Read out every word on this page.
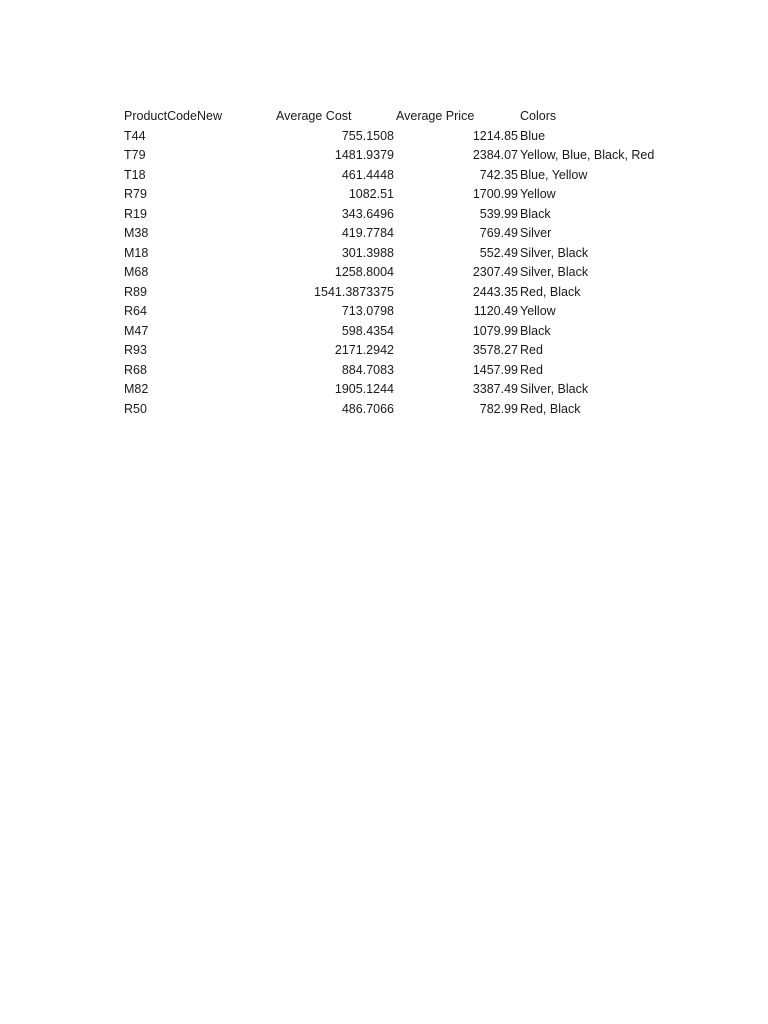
ProductCodeNew	Average Cost	Average Price	Colors
T44	755.1508	1214.85	Blue
T79	1481.9379	2384.07	Yellow, Blue, Black, Red
T18	461.4448	742.35	Blue, Yellow
R79	1082.51	1700.99	Yellow
R19	343.6496	539.99	Black
M38	419.7784	769.49	Silver
M18	301.3988	552.49	Silver, Black
M68	1258.8004	2307.49	Silver, Black
R89	1541.3873375	2443.35	Red, Black
R64	713.0798	1120.49	Yellow
M47	598.4354	1079.99	Black
R93	2171.2942	3578.27	Red
R68	884.7083	1457.99	Red
M82	1905.1244	3387.49	Silver, Black
R50	486.7066	782.99	Red, Black
